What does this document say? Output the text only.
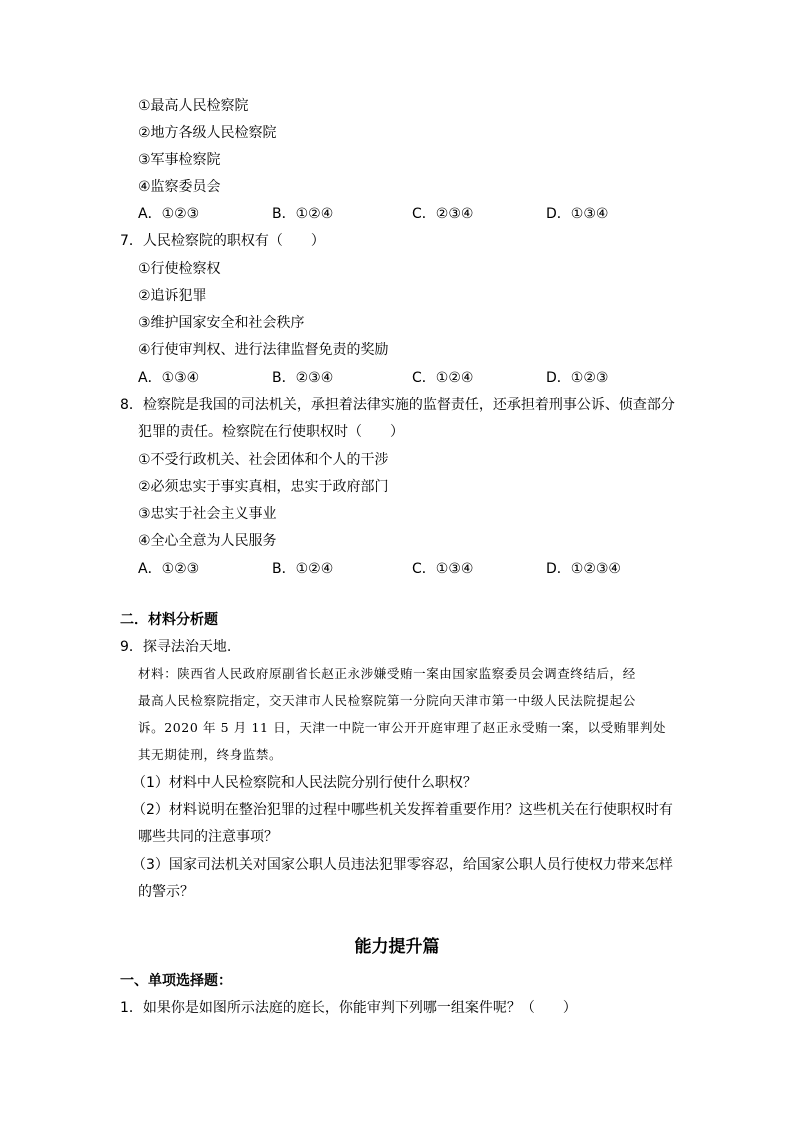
①最高人民检察院
②地方各级人民检察院
③军事检察院
④监察委员会
A．①②③	B．①②④	C．②③④	D．①③④
7．人民检察院的职权有（　　）
①行使检察权
②追诉犯罪
③维护国家安全和社会秩序
④行使审判权、进行法律监督免责的奖励
A．①③④	B．②③④	C．①②④	D．①②③
8．检察院是我国的司法机关，承担着法律实施的监督责任，还承担着刑事公诉、侦查部分
犯罪的责任。检察院在行使职权时（　　）
①不受行政机关、社会团体和个人的干涉
②必须忠实于事实真相，忠实于政府部门
③忠实于社会主义事业
④全心全意为人民服务
A．①②③	B．①②④	C．①③④	D．①②③④
二．材料分析题
9．探寻法治天地.
材料：陕西省人民政府原副省长赵正永涉嫌受贿一案由国家监察委员会调查终结后，经
最高人民检察院指定，交天津市人民检察院第一分院向天津市第一中级人民法院提起公
诉。2020 年 5 月 11 日，天津一中院一审公开开庭审理了赵正永受贿一案，以受贿罪判处
其无期徒刑，终身监禁。
（1）材料中人民检察院和人民法院分别行使什么职权？
（2）材料说明在整治犯罪的过程中哪些机关发挥着重要作用？这些机关在行使职权时有
哪些共同的注意事项？
（3）国家司法机关对国家公职人员违法犯罪零容忍，给国家公职人员行使权力带来怎样
的警示？
能力提升篇
一、单项选择题：
1．如果你是如图所示法庭的庭长，你能审判下列哪一组案件呢？（　　）
